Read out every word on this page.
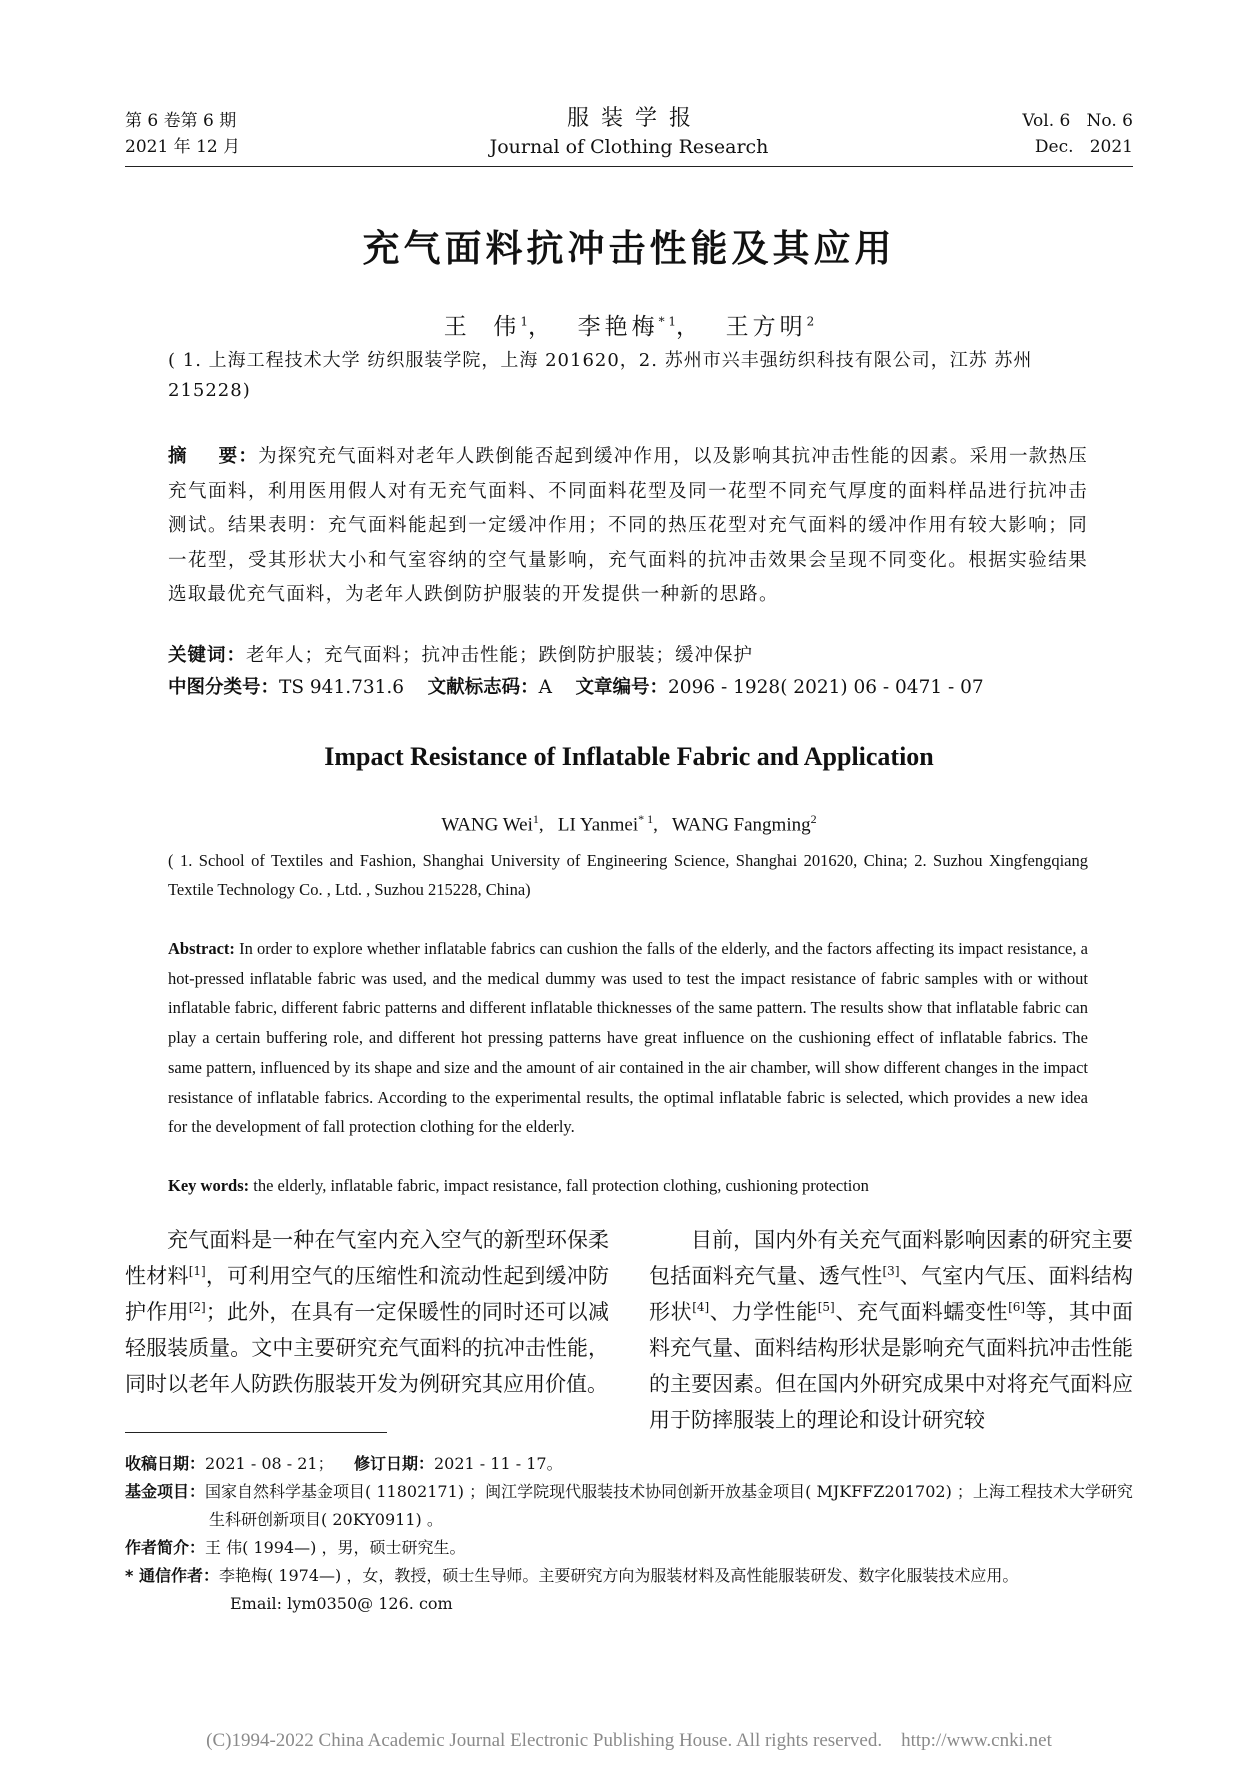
第 6 卷第 6 期
2021 年 12 月
服装学报
Journal of Clothing Research
Vol. 6   No. 6
Dec.   2021
充气面料抗冲击性能及其应用
王  伟$^1$，  李艳梅$^{* 1}$，  王方明$^2$
( 1. 上海工程技术大学 纺织服装学院，上海 201620，2. 苏州市兴丰强纺织科技有限公司，江苏 苏州 215228)
摘    要：为探究充气面料对老年人跌倒能否起到缓冲作用，以及影响其抗冲击性能的因素。采用一款热压充气面料，利用医用假人对有无充气面料、不同面料花型及同一花型不同充气厚度的面料样品进行抗冲击测试。结果表明：充气面料能起到一定缓冲作用；不同的热压花型对充气面料的缓冲作用有较大影响；同一花型，受其形状大小和气室容纳的空气量影响，充气面料的抗冲击效果会呈现不同变化。根据实验结果选取最优充气面料，为老年人跌倒防护服装的开发提供一种新的思路。
关键词：老年人；充气面料；抗冲击性能；跌倒防护服装；缓冲保护
中图分类号：TS 941.731.6 文献标志码：A 文章编号：2096 - 1928( 2021) 06 - 0471 - 07
Impact Resistance of Inflatable Fabric and Application
WANG Wei$^1$,   LI Yanmei$^{* 1}$,   WANG Fangming$^2$
( 1. School of Textiles and Fashion, Shanghai University of Engineering Science, Shanghai 201620, China; 2. Suzhou Xingfengqiang Textile Technology Co. , Ltd. , Suzhou 215228, China)
Abstract: In order to explore whether inflatable fabrics can cushion the falls of the elderly, and the factors affecting its impact resistance, a hot-pressed inflatable fabric was used, and the medical dummy was used to test the impact resistance of fabric samples with or without inflatable fabric, different fabric patterns and different inflatable thicknesses of the same pattern. The results show that inflatable fabric can play a certain buffering role, and different hot pressing patterns have great influence on the cushioning effect of inflatable fabrics. The same pattern, influenced by its shape and size and the amount of air contained in the air chamber, will show different changes in the impact resistance of inflatable fabrics. According to the experimental results, the optimal inflatable fabric is selected, which provides a new idea for the development of fall protection clothing for the elderly.
Key words: the elderly, inflatable fabric, impact resistance, fall protection clothing, cushioning protection

充气面料是一种在气室内充入空气的新型环保柔性材料[1]，可利用空气的压缩性和流动性起到缓冲防护作用[2]；此外，在具有一定保暖性的同时还可以减轻服装质量。文中主要研究充气面料的抗冲击性能，同时以老年人防跌伤服装开发为例研究其应用价值。

目前，国内外有关充气面料影响因素的研究主要包括面料充气量、透气性[3]、气室内气压、面料结构形状[4]、力学性能[5]、充气面料蠕变性[6]等，其中面料充气量、面料结构形状是影响充气面料抗冲击性能的主要因素。但在国内外研究成果中对将充气面料应用于防摔服装上的理论和设计研究较

收稿日期：2021 - 08 - 21； 修订日期：2021 - 11 - 17。
基金项目：国家自然科学基金项目( 11802171) ；闽江学院现代服装技术协同创新开放基金项目( MJKFFZ201702) ；上海工程技术大学研究生科研创新项目( 20KY0911) 。
作者简介：王 伟( 1994—) ，男，硕士研究生。
* 通信作者：李艳梅( 1974—) ，女，教授，硕士生导师。主要研究方向为服装材料及高性能服装研发、数字化服装技术应用。
Email: lym0350@ 126. com
(C)1994-2022 China Academic Journal Electronic Publishing House. All rights reserved.    http://www.cnki.net
